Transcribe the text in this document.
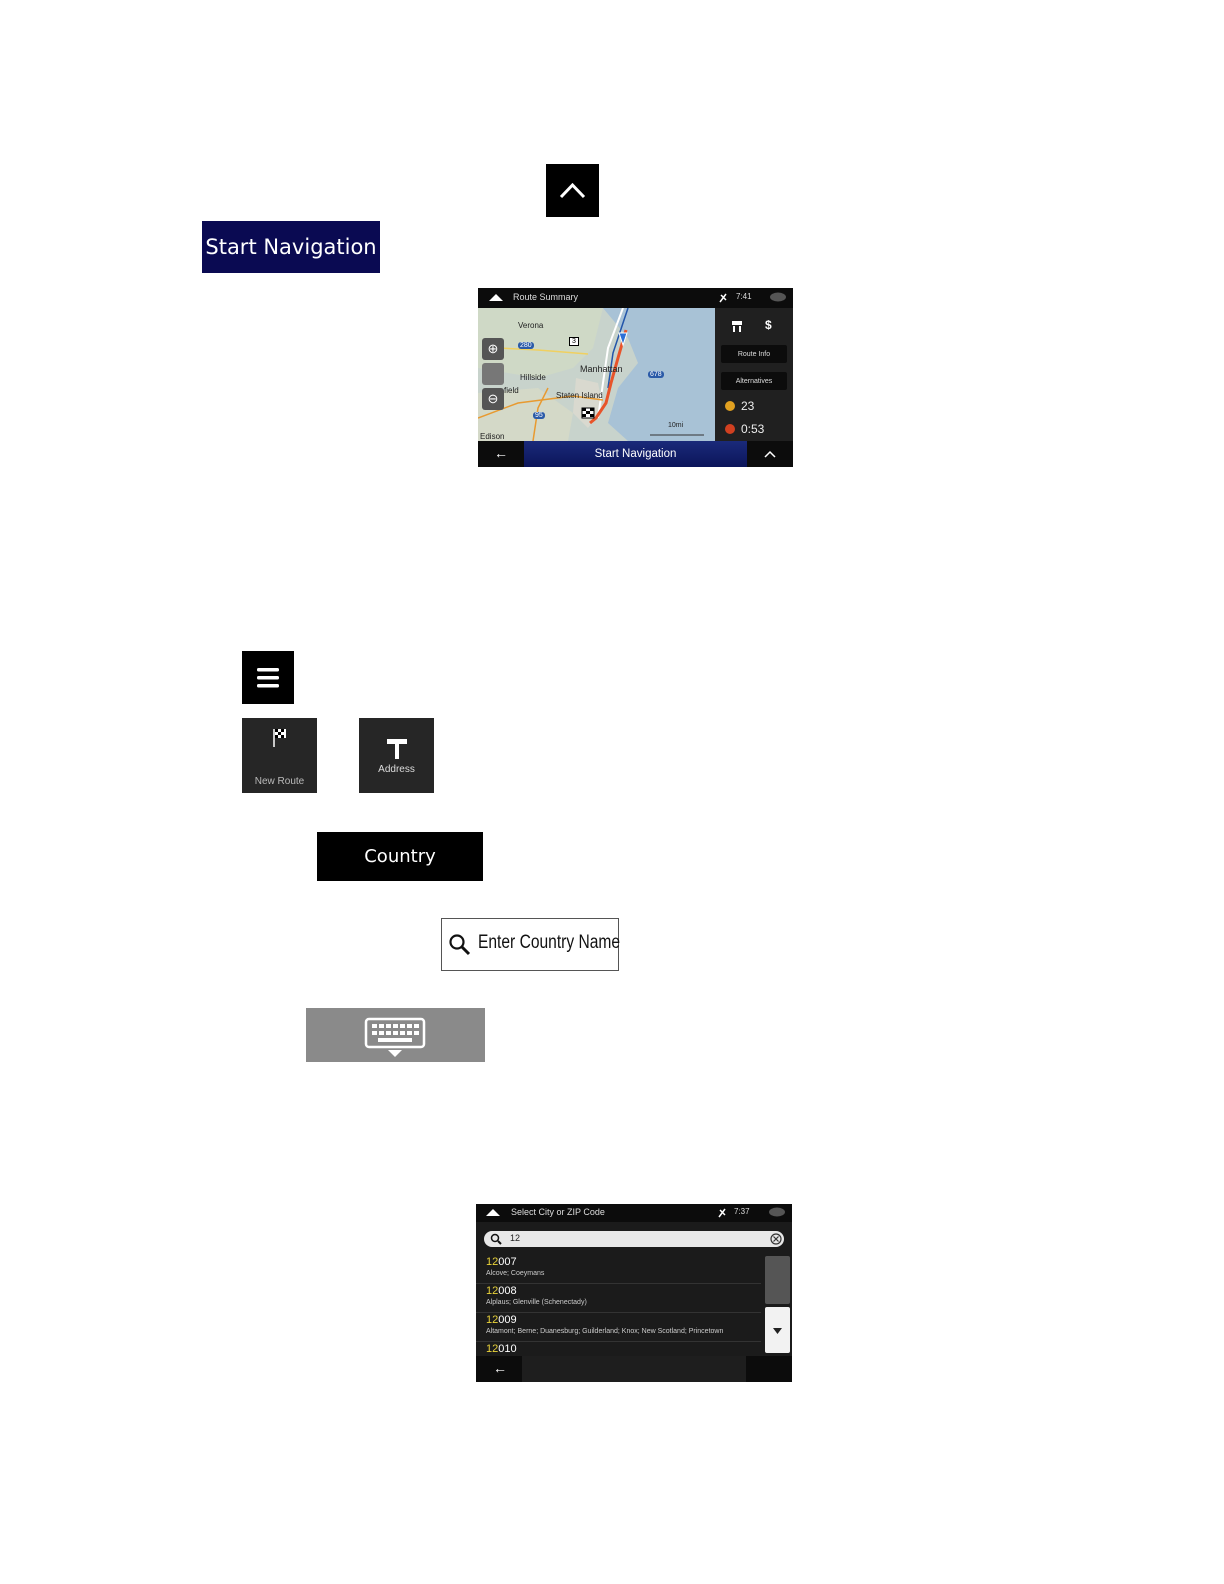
Start Navigation
Route Summary	7:41
Verona
Hillside
Manhattan
Staten Island
Edison
field
280
3
678
95
10mi
⊕
⊖
$
Route Info
Alternatives
23
0:53
←	Start Navigation
New Route
Address
Country
Enter Country Name
Select City or ZIP Code	7:37
12
12007
Alcove; Coeymans
12008
Alplaus; Glenville (Schenectady)
12009
Altamont; Berne; Duanesburg; Guilderland; Knox; New Scotland; Princetown
12010
←
